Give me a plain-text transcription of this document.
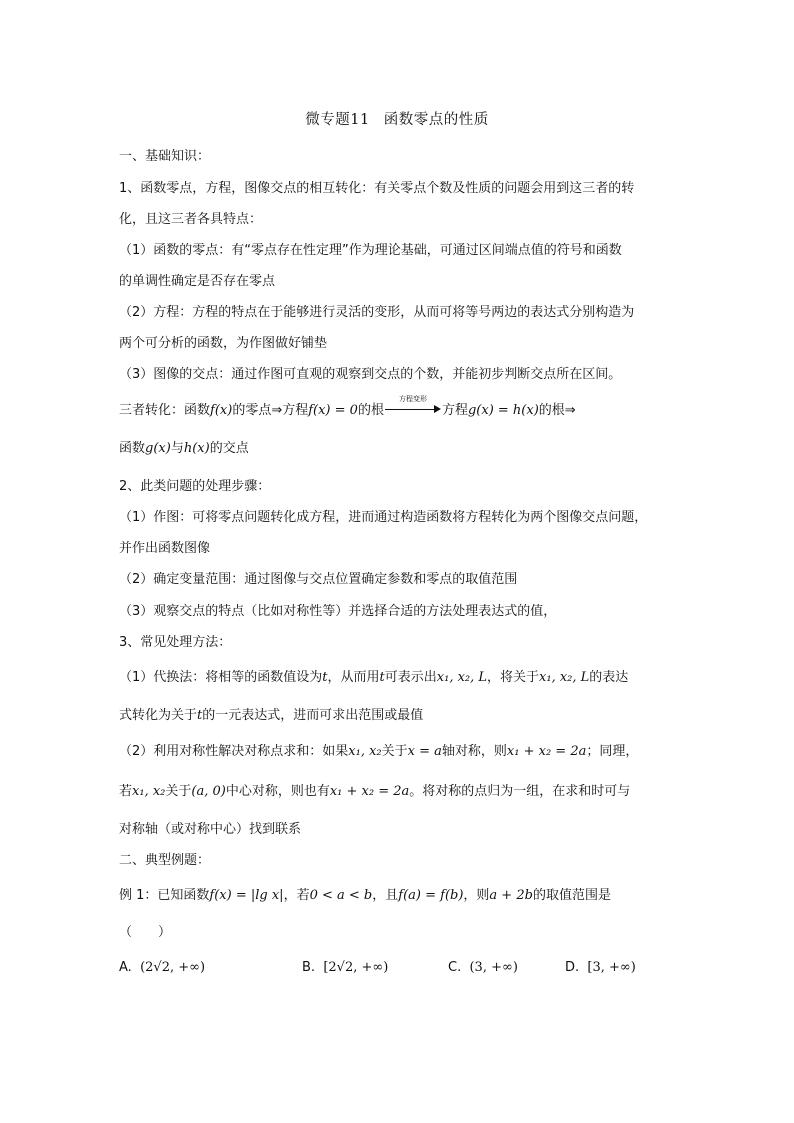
微专题11 函数零点的性质
一、基础知识：
1、函数零点，方程，图像交点的相互转化：有关零点个数及性质的问题会用到这三者的转
化，且这三者各具特点：
（1）函数的零点：有“零点存在性定理”作为理论基础，可通过区间端点值的符号和函数
的单调性确定是否存在零点
（2）方程：方程的特点在于能够进行灵活的变形，从而可将等号两边的表达式分别构造为
两个可分析的函数，为作图做好铺垫
（3）图像的交点：通过作图可直观的观察到交点的个数，并能初步判断交点所在区间。
三者转化：函数f(x)的零点⇒方程f(x) = 0的根
方程变形
方程g(x) = h(x)的根⇒
函数g(x)与h(x)的交点
2、此类问题的处理步骤：
（1）作图：可将零点问题转化成方程，进而通过构造函数将方程转化为两个图像交点问题，
并作出函数图像
（2）确定变量范围：通过图像与交点位置确定参数和零点的取值范围
（3）观察交点的特点（比如对称性等）并选择合适的方法处理表达式的值，
3、常见处理方法：
（1）代换法：将相等的函数值设为t，从而用t可表示出x₁, x₂, L，将关于x₁, x₂, L的表达
式转化为关于t的一元表达式，进而可求出范围或最值
（2）利用对称性解决对称点求和：如果x₁, x₂关于x = a轴对称，则x₁ + x₂ = 2a；同理，
若x₁, x₂关于(a, 0)中心对称，则也有x₁ + x₂ = 2a。将对称的点归为一组，在求和时可与
对称轴（或对称中心）找到联系
二、典型例题：
例 1：已知函数f(x) = |lg x|，若0 < a < b，且f(a) = f(b)，则a + 2b的取值范围是
（　　）
A. (2√2, +∞)	B. [2√2, +∞)	C. (3, +∞)	D. [3, +∞)
